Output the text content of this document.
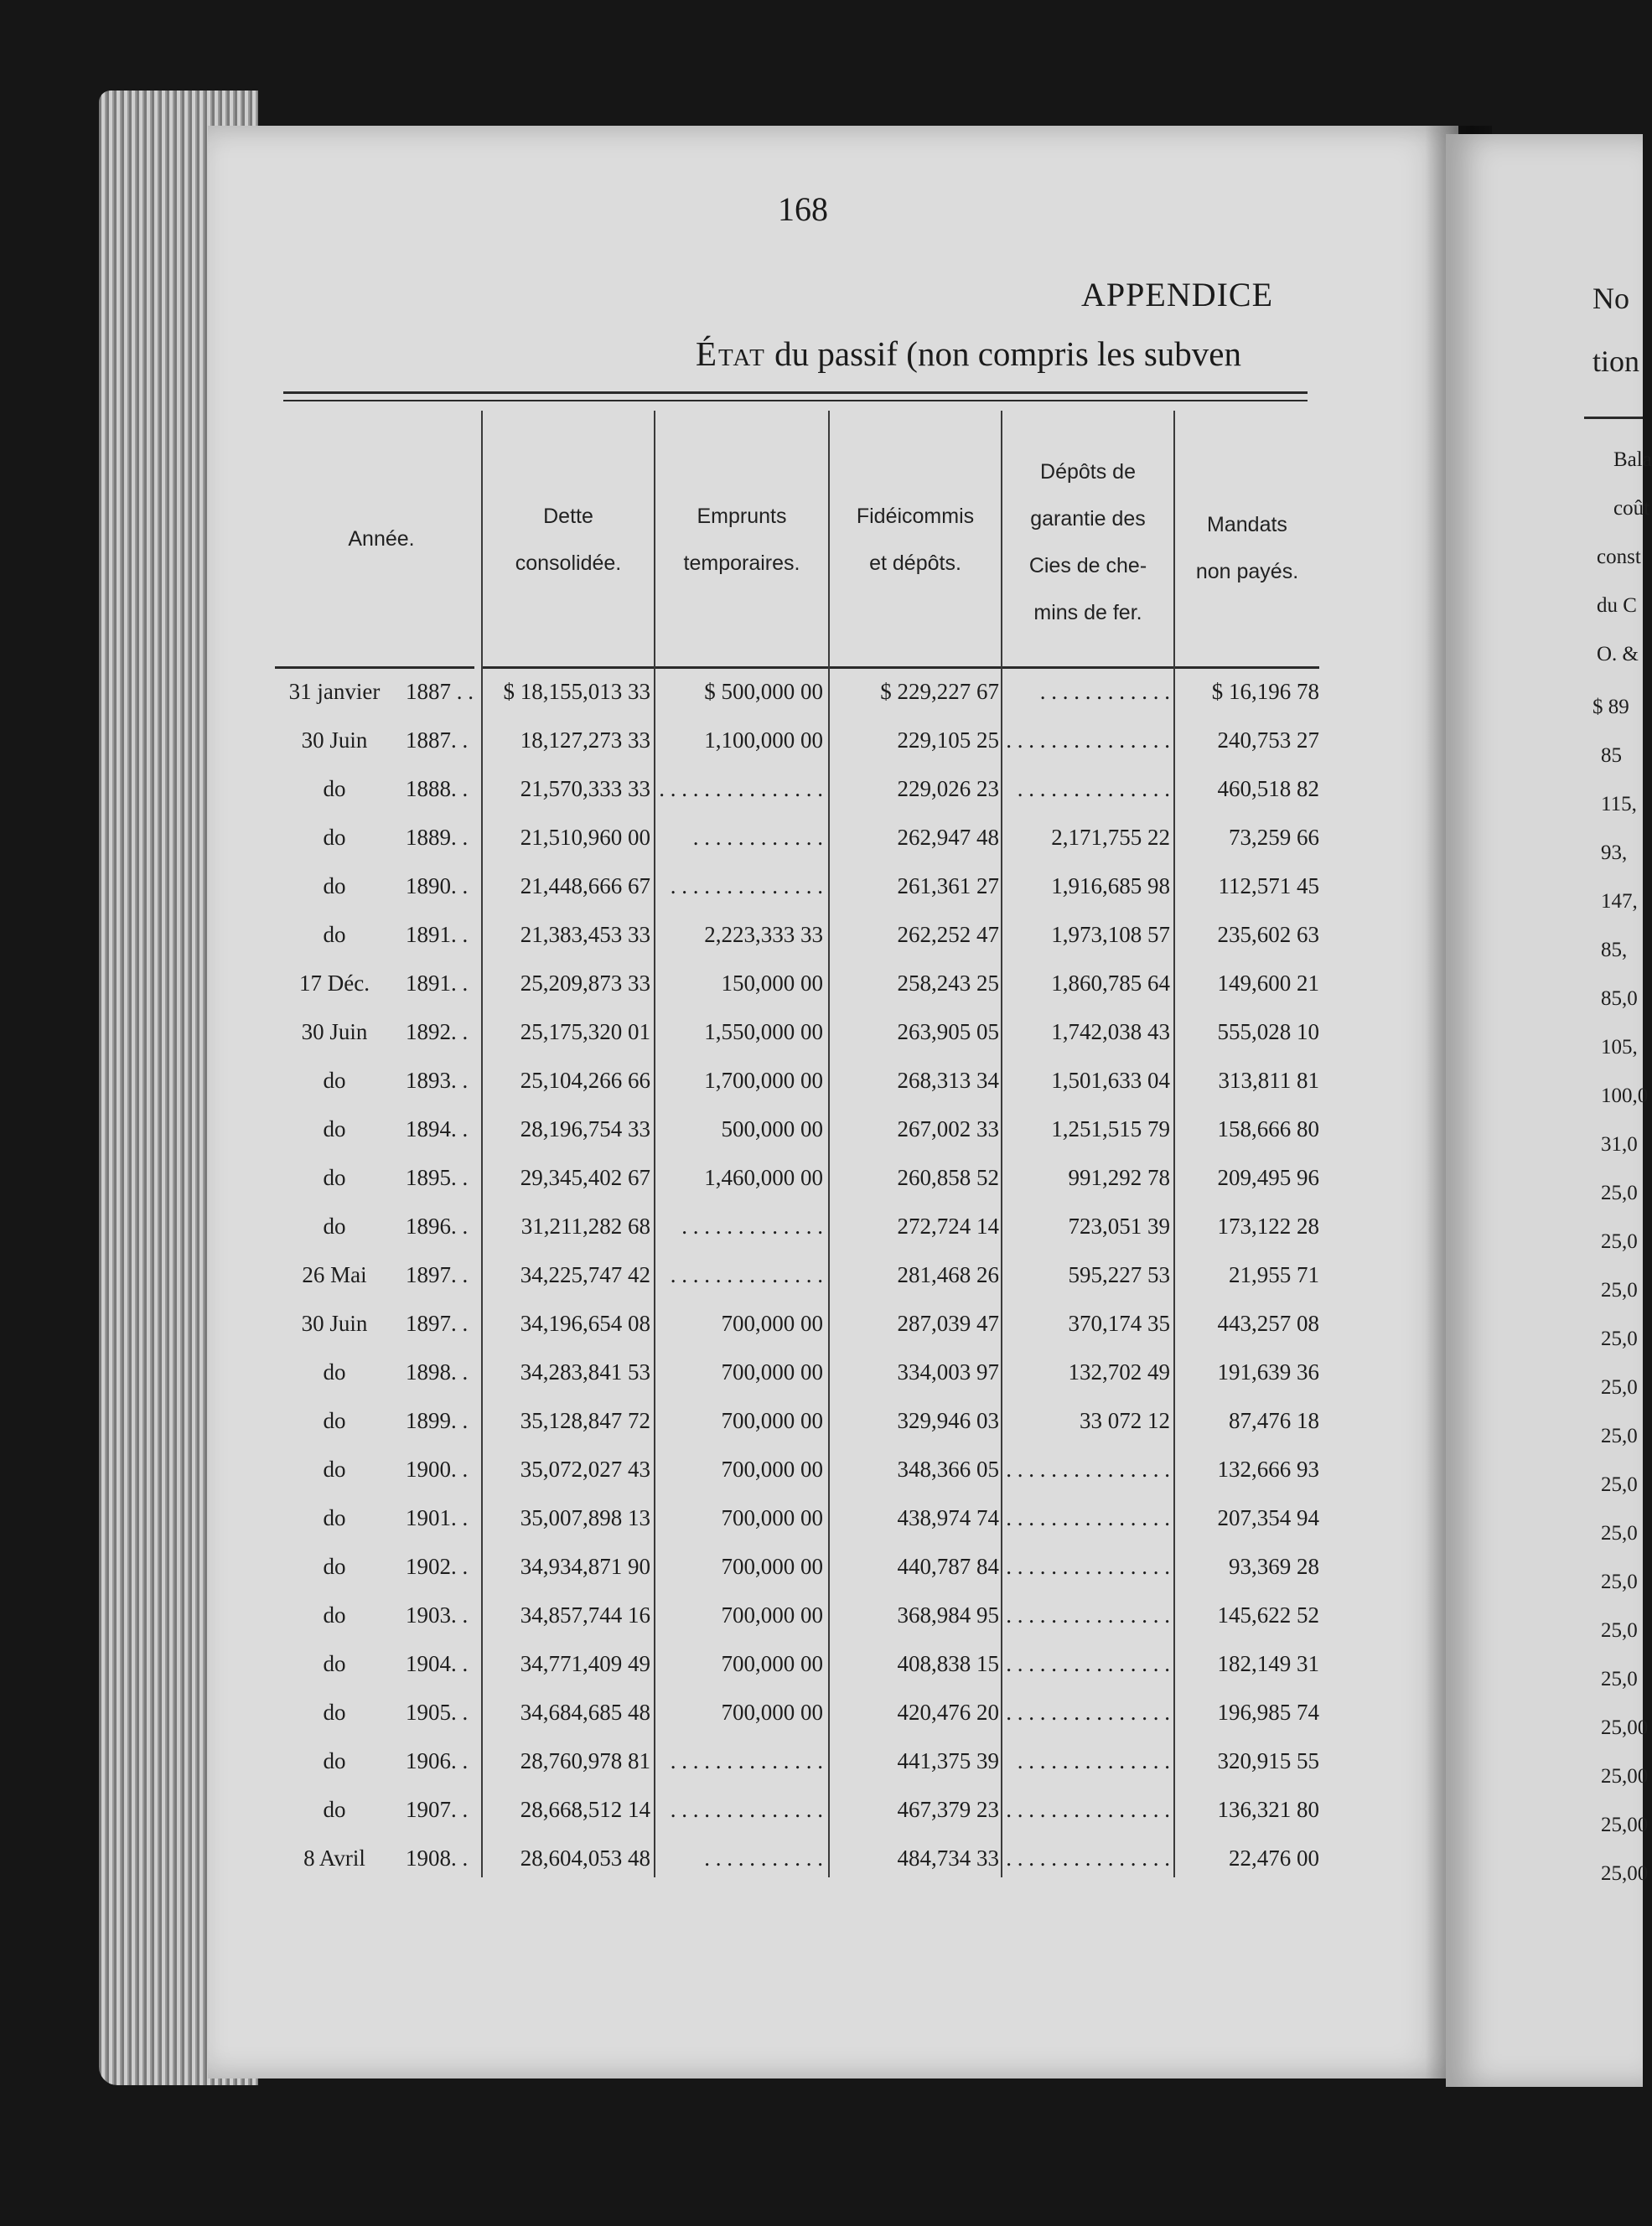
168
APPENDICE
État du passif (non compris les subven
Année.
Dette
consolidée.
Emprunts
temporaires.
Fidéicommis
et dépôts.
Dépôts de
garantie des
Cies de che-
mins de fer.
Mandats
non payés.
31 janvier	1887 . .	$ 18,155,013 33	$ 500,000 00	$ 229,227 67	. . . . . . . . . . . .	$ 16,196 78
30 Juin	1887. .	18,127,273 33	1,100,000 00	229,105 25 . . . . . . . . . . . . . . .	240,753 27
do	1888. .	21,570,333 33 . . . . . . . . . . . . . . .	229,026 23 . . . . . . . . . . . . . .	460,518 82
do	1889. .	21,510,960 00	. . . . . . . . . . . .	262,947 48	2,171,755 22	73,259 66
do	1890. .	21,448,666 67 . . . . . . . . . . . . . .	261,361 27	1,916,685 98	112,571 45
do	1891. .	21,383,453 33	2,223,333 33	262,252 47	1,973,108 57	235,602 63
17 Déc.	1891. .	25,209,873 33	150,000 00	258,243 25	1,860,785 64	149,600 21
30 Juin	1892. .	25,175,320 01	1,550,000 00	263,905 05	1,742,038 43	555,028 10
do	1893. .	25,104,266 66	1,700,000 00	268,313 34	1,501,633 04	313,811 81
do	1894. .	28,196,754 33	500,000 00	267,002 33	1,251,515 79	158,666 80
do	1895. .	29,345,402 67	1,460,000 00	260,858 52	991,292 78	209,495 96
do	1896. .	31,211,282 68	. . . . . . . . . . . . .	272,724 14	723,051 39	173,122 28
26 Mai	1897. .	34,225,747 42 . . . . . . . . . . . . . .	281,468 26	595,227 53	21,955 71
30 Juin	1897. .	34,196,654 08	700,000 00	287,039 47	370,174 35	443,257 08
do	1898. .	34,283,841 53	700,000 00	334,003 97	132,702 49	191,639 36
do	1899. .	35,128,847 72	700,000 00	329,946 03	33 072 12	87,476 18
do	1900. .	35,072,027 43	700,000 00	348,366 05 . . . . . . . . . . . . . . .	132,666 93
do	1901. .	35,007,898 13	700,000 00	438,974 74 . . . . . . . . . . . . . . .	207,354 94
do	1902. .	34,934,871 90	700,000 00	440,787 84 . . . . . . . . . . . . . . .	93,369 28
do	1903. .	34,857,744 16	700,000 00	368,984 95 . . . . . . . . . . . . . . .	145,622 52
do	1904. .	34,771,409 49	700,000 00	408,838 15 . . . . . . . . . . . . . . .	182,149 31
do	1905. .	34,684,685 48	700,000 00	420,476 20 . . . . . . . . . . . . . . .	196,985 74
do	1906. .	28,760,978 81 . . . . . . . . . . . . . .	441,375 39 . . . . . . . . . . . . . .	320,915 55
do	1907. .	28,668,512 14 . . . . . . . . . . . . . .	467,379 23 . . . . . . . . . . . . . . .	136,321 80
8 Avril	1908. .	28,604,053 48	. . . . . . . . . . .	484,734 33 . . . . . . . . . . . . . . .	22,476 00
No
tion
Bala
coût
const
du C
O. &
$ 89
85
115,
93,
147,
85,
85,0
105,
100,0
31,0
25,0
25,0
25,0
25,0
25,0
25,0
25,0
25,0
25,0
25,0
25,0
25,00
25,00
25,00
25,00
